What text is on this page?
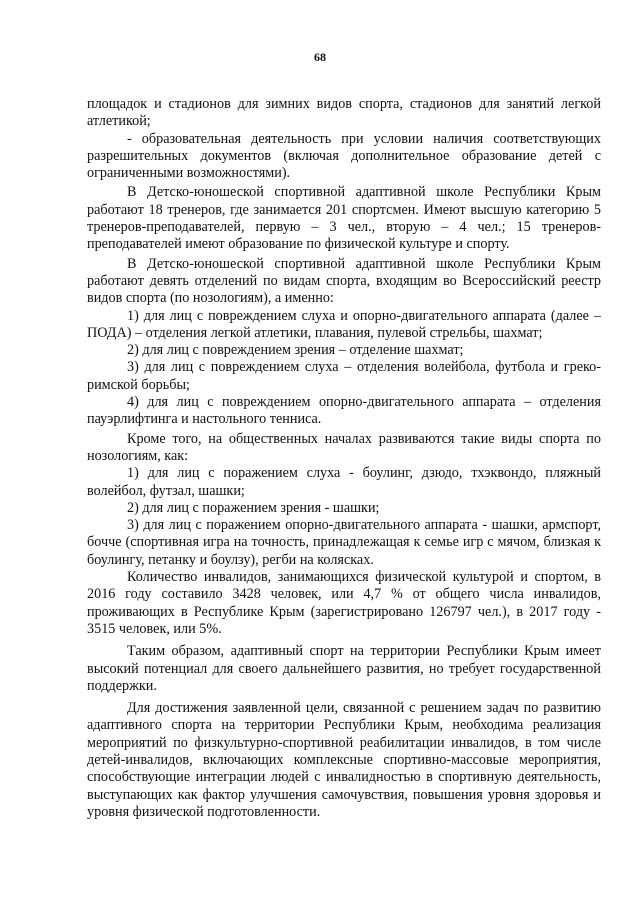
68

площадок и стадионов для зимних видов спорта, стадионов для занятий легкой атлетикой;

- образовательная деятельность при условии наличия соответствующих разрешительных документов (включая дополнительное образование детей с ограниченными возможностями).

В Детско-юношеской спортивной адаптивной школе Республики Крым работают 18 тренеров, где занимается 201 спортсмен. Имеют высшую категорию 5 тренеров-преподавателей, первую – 3 чел., вторую – 4 чел.; 15 тренеров-преподавателей имеют образование по физической культуре и спорту.

В Детско-юношеской спортивной адаптивной школе Республики Крым работают девять отделений по видам спорта, входящим во Всероссийский реестр видов спорта (по нозологиям), а именно:

1) для лиц с повреждением слуха и опорно-двигательного аппарата (далее – ПОДА) – отделения легкой атлетики, плавания, пулевой стрельбы, шахмат;

2) для лиц с повреждением зрения – отделение шахмат;

3) для лиц с повреждением слуха – отделения волейбола, футбола и греко-римской борьбы;

4) для лиц с повреждением опорно-двигательного аппарата – отделения пауэрлифтинга и настольного тенниса.

Кроме того, на общественных началах развиваются такие виды спорта по нозологиям, как:

1) для лиц с поражением слуха - боулинг, дзюдо, тхэквондо, пляжный волейбол, футзал, шашки;

2) для лиц с поражением зрения - шашки;

3) для лиц с поражением опорно-двигательного аппарата - шашки, армспорт, бочче (спортивная игра на точность, принадлежащая к семье игр с мячом, близкая к боулингу, петанку и боулзу), регби на колясках.

Количество инвалидов, занимающихся физической культурой и спортом, в 2016 году составило 3428 человек, или 4,7 % от общего числа инвалидов, проживающих в Республике Крым (зарегистрировано 126797 чел.), в 2017 году - 3515 человек, или 5%.

Таким образом, адаптивный спорт на территории Республики Крым имеет высокий потенциал для своего дальнейшего развития, но требует государственной поддержки.

Для достижения заявленной цели, связанной с решением задач по развитию адаптивного спорта на территории Республики Крым, необходима реализация мероприятий по физкультурно-спортивной реабилитации инвалидов, в том числе детей-инвалидов, включающих комплексные спортивно-массовые мероприятия, способствующие интеграции людей с инвалидностью в спортивную деятельность, выступающих как фактор улучшения самочувствия, повышения уровня здоровья и уровня физической подготовленности.
